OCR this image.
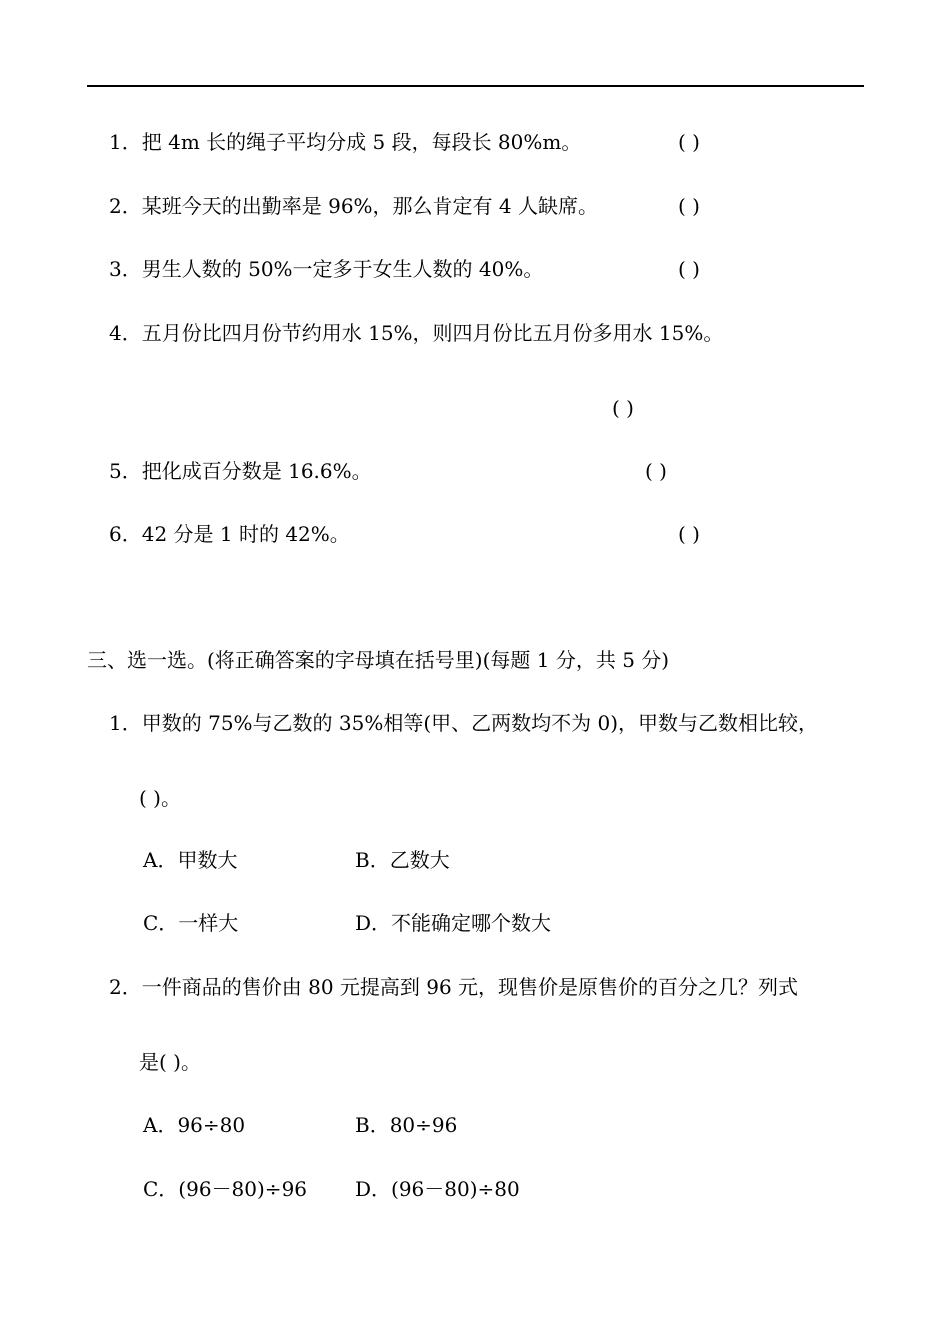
1．把 4m 长的绳子平均分成 5 段，每段长 80%m。	( )
2．某班今天的出勤率是 96%，那么肯定有 4 人缺席。	( )
3．男生人数的 50%一定多于女生人数的 40%。	( )
4．五月份比四月份节约用水 15%，则四月份比五月份多用水 15%。
( )
5．把化成百分数是 16.6%。	( )
6．42 分是 1 时的 42%。	( )
三、选一选。(将正确答案的字母填在括号里)(每题 1 分，共 5 分)
1．甲数的 75%与乙数的 35%相等(甲、乙两数均不为 0)，甲数与乙数相比较，
( )。
A．甲数大	B．乙数大
C．一样大	D．不能确定哪个数大
2．一件商品的售价由 80 元提高到 96 元，现售价是原售价的百分之几？列式
是( )。
A．96÷80	B．80÷96
C．(96－80)÷96 D．(96－80)÷80
